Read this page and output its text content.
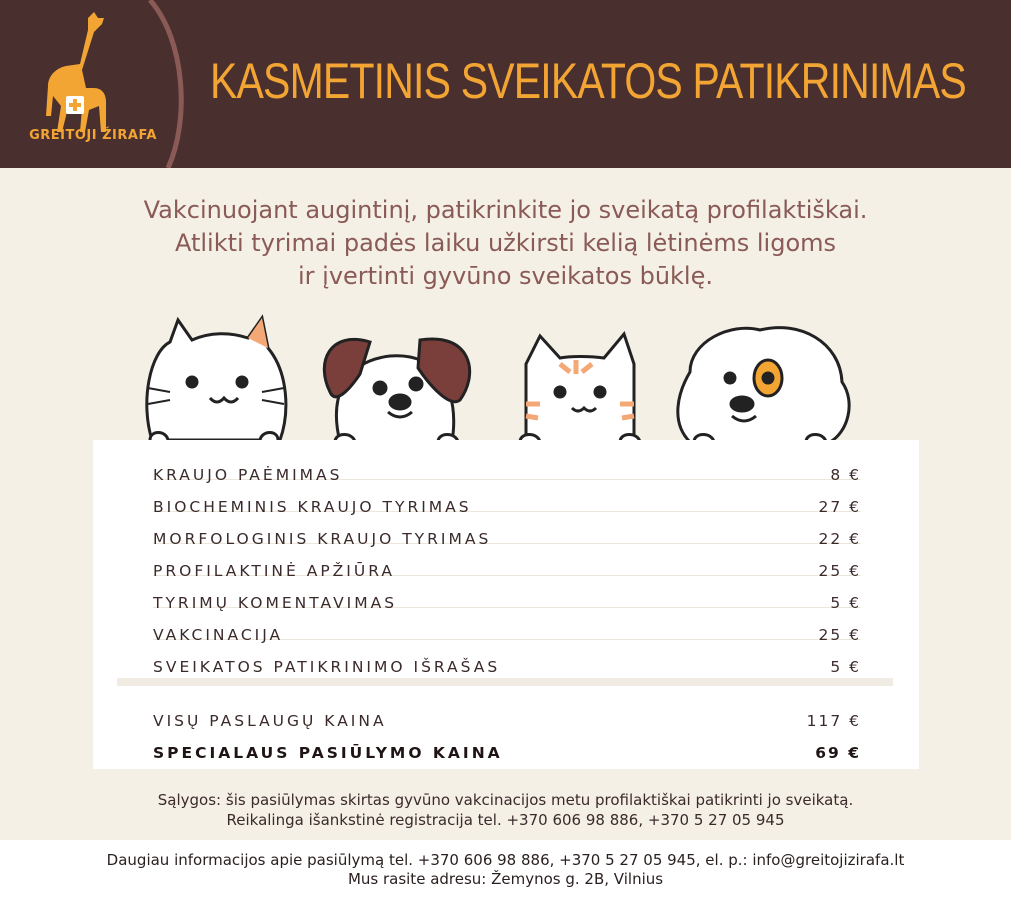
GREITOJI ŽIRAFA
KASMETINIS SVEIKATOS PATIKRINIMAS
Vakcinuojant augintinį, patikrinkite jo sveikatą profilaktiškai.
Atlikti tyrimai padės laiku užkirsti kelią lėtinėms ligoms
ir įvertinti gyvūno sveikatos būklę.
KRAUJO PAĖMIMAS	8 €
BIOCHEMINIS KRAUJO TYRIMAS	27 €
MORFOLOGINIS KRAUJO TYRIMAS	22 €
PROFILAKTINĖ APŽIŪRA	25 €
TYRIMŲ KOMENTAVIMAS	5 €
VAKCINACIJA	25 €
SVEIKATOS PATIKRINIMO IŠRAŠAS	5 €
VISŲ PASLAUGŲ KAINA	117 €
SPECIALAUS PASIŪLYMO KAINA	69 €
Sąlygos: šis pasiūlymas skirtas gyvūno vakcinacijos metu profilaktiškai patikrinti jo sveikatą.
Reikalinga išankstinė registracija tel. +370 606 98 886, +370 5 27 05 945
Daugiau informacijos apie pasiūlymą tel. +370 606 98 886, +370 5 27 05 945, el. p.: info@greitojizirafa.lt
Mus rasite adresu: Žemynos g. 2B, Vilnius
